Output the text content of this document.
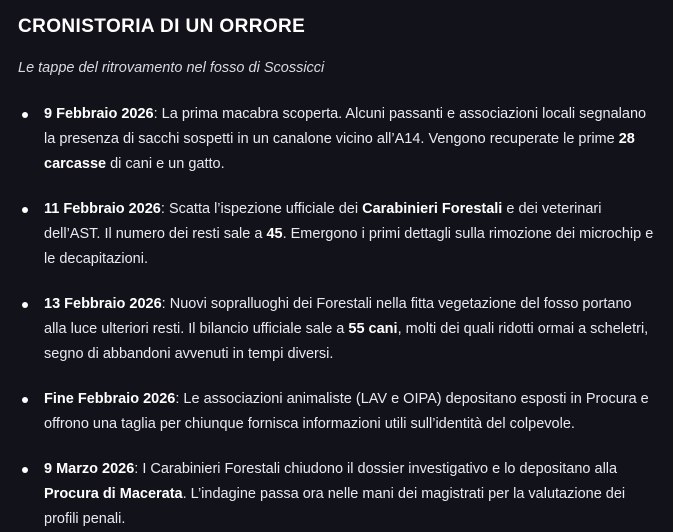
CRONISTORIA DI UN ORRORE

Le tappe del ritrovamento nel fosso di Scossicci

9 Febbraio 2026: La prima macabra scoperta. Alcuni passanti e associazioni locali segnalano la presenza di sacchi sospetti in un canalone vicino all’A14. Vengono recuperate le prime 28 carcasse di cani e un gatto.
11 Febbraio 2026: Scatta l’ispezione ufficiale dei Carabinieri Forestali e dei veterinari dell’AST. Il numero dei resti sale a 45. Emergono i primi dettagli sulla rimozione dei microchip e le decapitazioni.
13 Febbraio 2026: Nuovi sopralluoghi dei Forestali nella fitta vegetazione del fosso portano alla luce ulteriori resti. Il bilancio ufficiale sale a 55 cani, molti dei quali ridotti ormai a scheletri, segno di abbandoni avvenuti in tempi diversi.
Fine Febbraio 2026: Le associazioni animaliste (LAV e OIPA) depositano esposti in Procura e offrono una taglia per chiunque fornisca informazioni utili sull’identità del colpevole.
9 Marzo 2026: I Carabinieri Forestali chiudono il dossier investigativo e lo depositano alla Procura di Macerata. L’indagine passa ora nelle mani dei magistrati per la valutazione dei profili penali.
